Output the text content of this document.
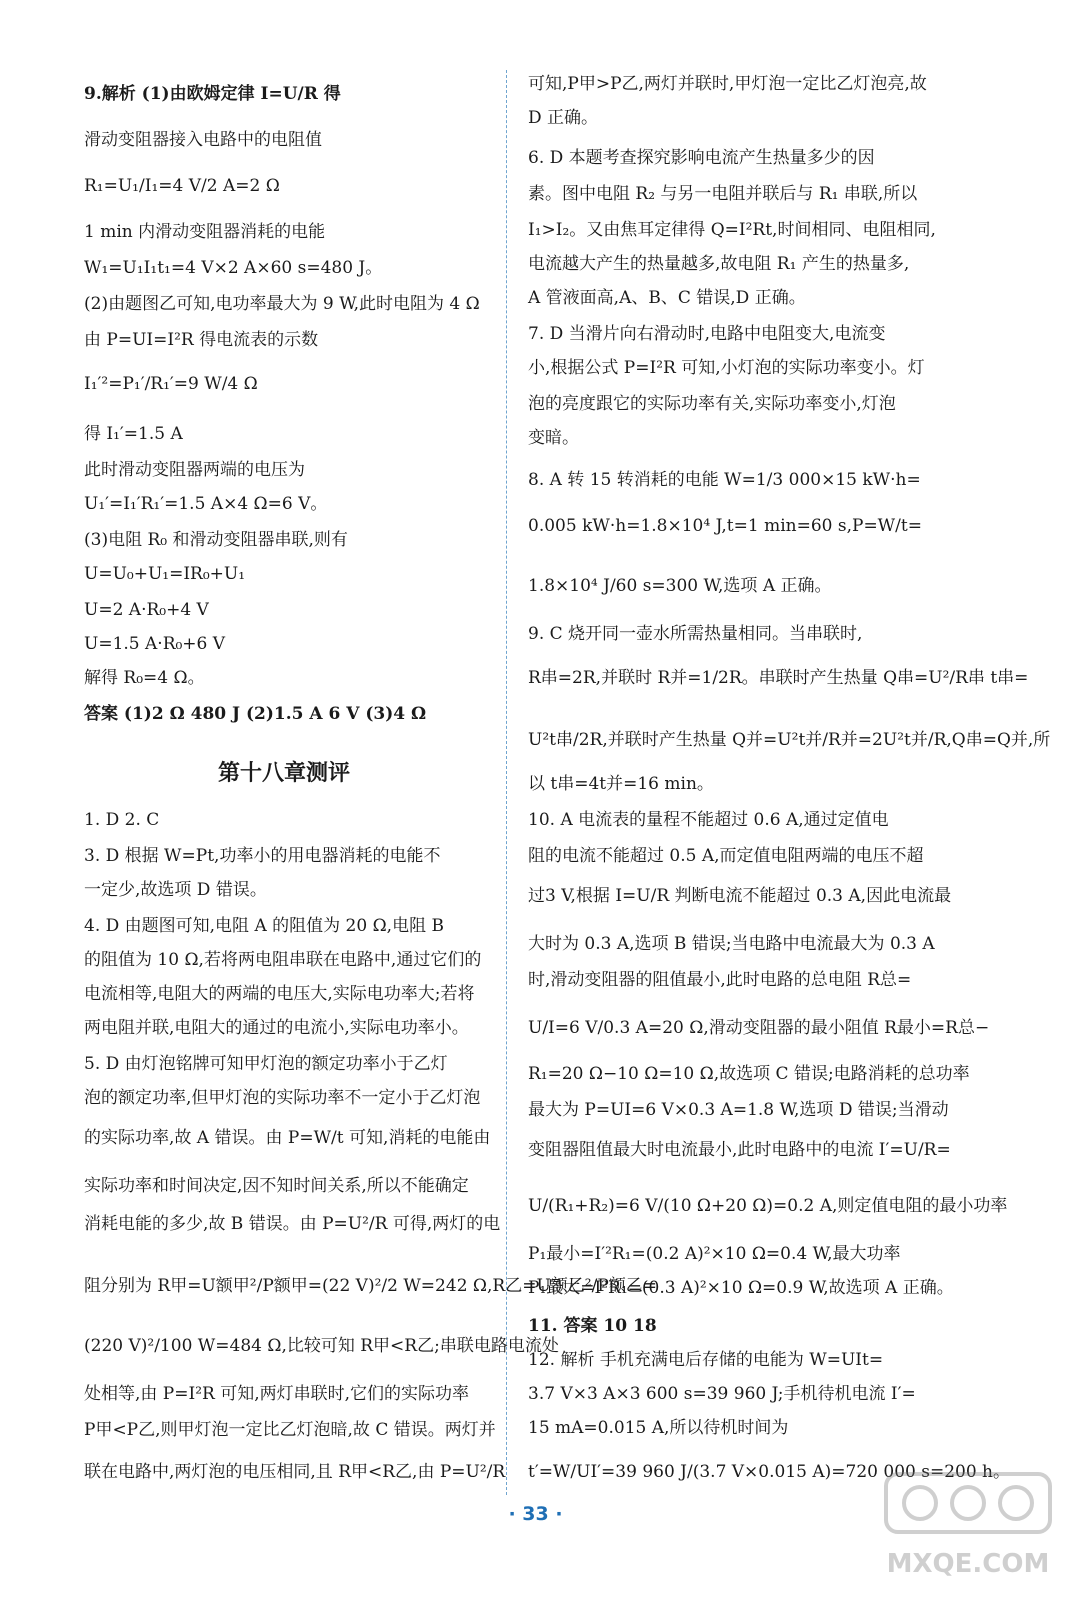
9.解析 (1)由欧姆定律 I=U/R 得
滑动变阻器接入电路中的电阻值
R₁=U₁/I₁=4 V/2 A=2 Ω
1 min 内滑动变阻器消耗的电能
W₁=U₁I₁t₁=4 V×2 A×60 s=480 J。
(2)由题图乙可知,电功率最大为 9 W,此时电阻为 4 Ω
由 P=UI=I²R 得电流表的示数
I₁′²=P₁′/R₁′=9 W/4 Ω
得 I₁′=1.5 A
此时滑动变阻器两端的电压为
U₁′=I₁′R₁′=1.5 A×4 Ω=6 V。
(3)电阻 R₀ 和滑动变阻器串联,则有
U=U₀+U₁=IR₀+U₁
U=2 A·R₀+4 V
U=1.5 A·R₀+6 V
解得 R₀=4 Ω。
答案 (1)2 Ω 480 J (2)1.5 A 6 V (3)4 Ω
第十八章测评
1. D 2. C
3. D 根据 W=Pt,功率小的用电器消耗的电能不
一定少,故选项 D 错误。
4. D 由题图可知,电阻 A 的阻值为 20 Ω,电阻 B
的阻值为 10 Ω,若将两电阻串联在电路中,通过它们的
电流相等,电阻大的两端的电压大,实际电功率大;若将
两电阻并联,电阻大的通过的电流小,实际电功率小。
5. D 由灯泡铭牌可知甲灯泡的额定功率小于乙灯
泡的额定功率,但甲灯泡的实际功率不一定小于乙灯泡
的实际功率,故 A 错误。由 P=W/t 可知,消耗的电能由
实际功率和时间决定,因不知时间关系,所以不能确定
消耗电能的多少,故 B 错误。由 P=U²/R 可得,两灯的电
阻分别为 R甲=U额甲²/P额甲=(22 V)²/2 W=242 Ω,R乙=U额乙²/P额乙=
(220 V)²/100 W=484 Ω,比较可知 R甲<R乙;串联电路电流处
处相等,由 P=I²R 可知,两灯串联时,它们的实际功率
P甲<P乙,则甲灯泡一定比乙灯泡暗,故 C 错误。两灯并
联在电路中,两灯泡的电压相同,且 R甲<R乙,由 P=U²/R
可知,P甲>P乙,两灯并联时,甲灯泡一定比乙灯泡亮,故
D 正确。
6. D 本题考查探究影响电流产生热量多少的因
素。图中电阻 R₂ 与另一电阻并联后与 R₁ 串联,所以
I₁>I₂。又由焦耳定律得 Q=I²Rt,时间相同、电阻相同,
电流越大产生的热量越多,故电阻 R₁ 产生的热量多,
A 管液面高,A、B、C 错误,D 正确。
7. D 当滑片向右滑动时,电路中电阻变大,电流变
小,根据公式 P=I²R 可知,小灯泡的实际功率变小。灯
泡的亮度跟它的实际功率有关,实际功率变小,灯泡
变暗。
8. A 转 15 转消耗的电能 W=1/3 000×15 kW·h=
0.005 kW·h=1.8×10⁴ J,t=1 min=60 s,P=W/t=
1.8×10⁴ J/60 s=300 W,选项 A 正确。
9. C 烧开同一壶水所需热量相同。当串联时,
R串=2R,并联时 R并=1/2R。串联时产生热量 Q串=U²/R串 t串=
U²t串/2R,并联时产生热量 Q并=U²t并/R并=2U²t并/R,Q串=Q并,所
以 t串=4t并=16 min。
10. A 电流表的量程不能超过 0.6 A,通过定值电
阻的电流不能超过 0.5 A,而定值电阻两端的电压不超
过3 V,根据 I=U/R 判断电流不能超过 0.3 A,因此电流最
大时为 0.3 A,选项 B 错误;当电路中电流最大为 0.3 A
时,滑动变阻器的阻值最小,此时电路的总电阻 R总=
U/I=6 V/0.3 A=20 Ω,滑动变阻器的最小阻值 R最小=R总−
R₁=20 Ω−10 Ω=10 Ω,故选项 C 错误;电路消耗的总功率
最大为 P=UI=6 V×0.3 A=1.8 W,选项 D 错误;当滑动
变阻器阻值最大时电流最小,此时电路中的电流 I′=U/R=
U/(R₁+R₂)=6 V/(10 Ω+20 Ω)=0.2 A,则定值电阻的最小功率
P₁最小=I′²R₁=(0.2 A)²×10 Ω=0.4 W,最大功率
P₁最大=I²R₁=(0.3 A)²×10 Ω=0.9 W,故选项 A 正确。
11. 答案 10 18
12. 解析 手机充满电后存储的电能为 W=UIt=
3.7 V×3 A×3 600 s=39 960 J;手机待机电流 I′=
15 mA=0.015 A,所以待机时间为
t′=W/UI′=39 960 J/(3.7 V×0.015 A)=720 000 s=200 h。
· 33 ·
MXQE.COM
